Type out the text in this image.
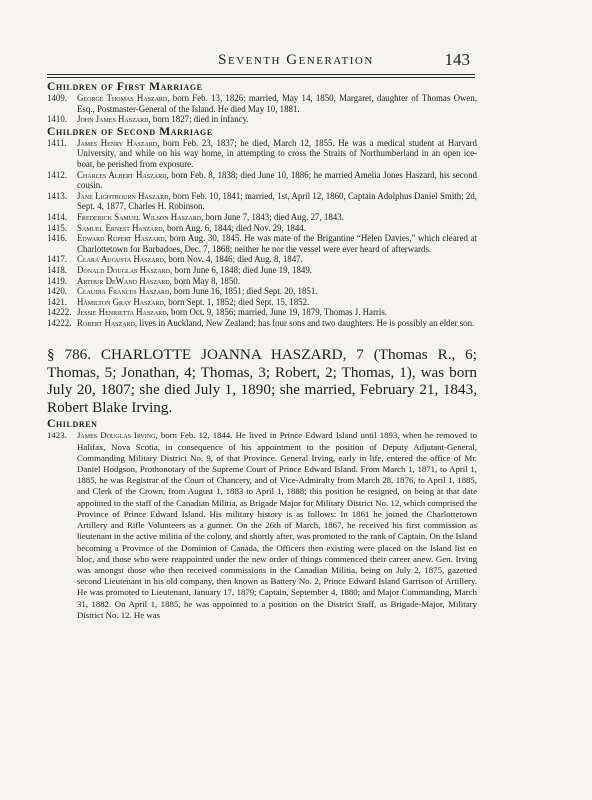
Seventh Generation	143
Children of First Marriage
1409.	George Thomas Haszard, born Feb. 13, 1826; married, May 14, 1850, Margaret, daughter of Thomas Owen, Esq., Postmaster-General of the Island. He died May 10, 1881.
1410.	John James Haszard, born 1827; died in infancy.
Children of Second Marriage
1411.	James Henry Haszard, born Feb. 23, 1837; he died, March 12, 1855. He was a medical student at Harvard University, and while on his way home, in attempting to cross the Straits of Northumberland in an open ice-boat, he perished from exposure.
1412.	Charles Albert Haszard, born Feb. 8, 1838; died June 10, 1886; he married Amelia Jones Haszard, his second cousin.
1413.	Jane Lightbourn Haszard, born Feb. 10, 1841; married, 1st, April 12, 1860, Captain Adolphus Daniel Smith; 2d, Sept. 4, 1877, Charles H. Robinson.
1414.	Frederick Samuel Wilson Haszard, born June 7, 1843; died Aug. 27, 1843.
1415.	Samuel Ernest Haszard, born Aug. 6, 1844; died Nov. 29, 1844.
1416.	Edward Rupert Haszard, born Aug. 30, 1845. He was mate of the Brigantine “Helen Davies,” which cleared at Charlottetown for Barbadoes, Dec. 7, 1868; neither he nor the vessel were ever heard of afterwards.
1417.	Clara Augusta Haszard, born Nov. 4, 1846; died Aug. 8, 1847.
1418.	Donald Douglas Haszard, born June 6, 1848; died June 19, 1849.
1419.	Arthur DeWand Haszard, born May 8, 1850.
1420.	Claudia Frances Haszard, born June 16, 1851; died Sept. 20, 1851.
1421.	Hamilton Gray Haszard, born Sept. 1, 1852; died Sept. 15, 1852.
14222. Jessie Henrietta Haszard, born Oct. 9, 1856; married, June 19, 1879, Thomas J. Harris.
14222. Robert Haszard, lives in Auckland, New Zealand; has four sons and two daughters. He is possibly an elder son.
§ 786. CHARLOTTE JOANNA HASZARD, 7 (Thomas R., 6; Thomas, 5; Jonathan, 4; Thomas, 3; Robert, 2; Thomas, 1), was born July 20, 1807; she died July 1, 1890; she married, February 21, 1843, Robert Blake Irving.
Children
1423.	James Douglas Irving, born Feb. 12, 1844. He lived in Prince Edward Island until 1893, when he removed to Halifax, Nova Scotia, in consequence of his appointment to the position of Deputy Adjutant-General, Commanding Military District No. 9, of that Province. General Irving, early in life, entered the office of Mr. Daniel Hodgson, Prothonotary of the Supreme Court of Prince Edward Island. From March 1, 1871, to April 1, 1885, he was Registrar of the Court of Chancery, and of Vice-Admiralty from March 28, 1876, to April 1, 1885, and Clerk of the Crown, from August 1, 1883 to April 1, 1888; this position he resigned, on being at that date appointed to the staff of the Canadian Militia, as Brigade Major for Military District No. 12, which comprised the Province of Prince Edward Island. His military history is as follows: In 1861 he joined the Charlottetown Artillery and Rifle Volunteers as a gunner. On the 26th of March, 1867, he received his first commission as lieutenant in the active militia of the colony, and shortly after, was promoted to the rank of Captain. On the Island becoming a Province of the Dominion of Canada, the Officers then existing were placed on the Island list en bloc, and those who were reappointed under the new order of things commenced their career anew. Gen. Irving was amongst those who then received commissions in the Canadian Militia, being on July 2, 1875, gazetted second Lieutenant in his old company, then known as Battery No. 2, Prince Edward Island Garrison of Artillery. He was promoted to Lieutenant, January 17, 1879; Captain, September 4, 1880; and Major Commanding, March 31, 1882. On April 1, 1885, he was appointed to a position on the District Staff, as Brigade-Major, Military District No. 12. He was
